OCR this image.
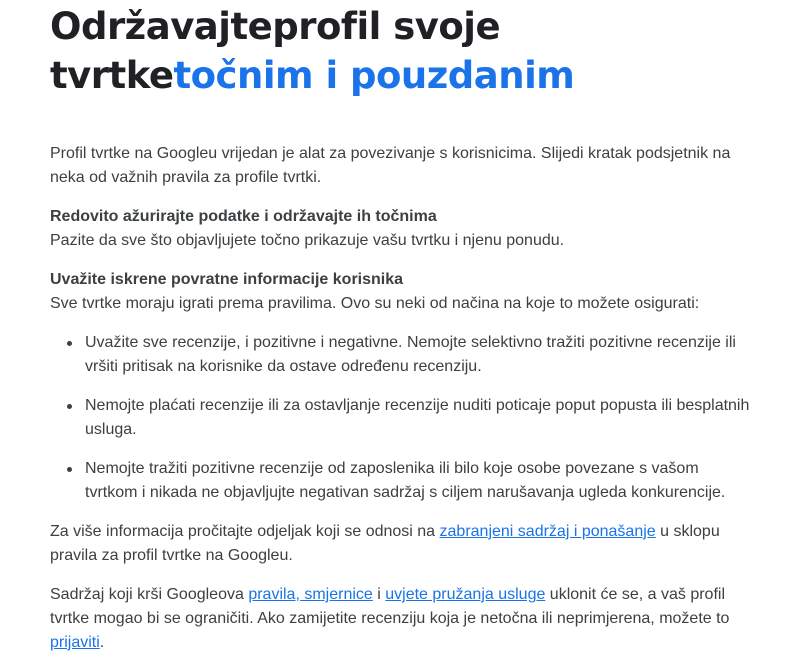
Održavajteprofil svoje tvrtketočnim i pouzdanim

Profil tvrtke na Googleu vrijedan je alat za povezivanje s korisnicima. Slijedi kratak podsjetnik na neka od važnih pravila za profile tvrtki.

Redovito ažurirajte podatke i održavajte ih točnima
Pazite da sve što objavljujete točno prikazuje vašu tvrtku i njenu ponudu.

Uvažite iskrene povratne informacije korisnika
Sve tvrtke moraju igrati prema pravilima. Ovo su neki od načina na koje to možete osigurati:

Uvažite sve recenzije, i pozitivne i negativne. Nemojte selektivno tražiti pozitivne recenzije ili vršiti pritisak na korisnike da ostave određenu recenziju.
Nemojte plaćati recenzije ili za ostavljanje recenzije nuditi poticaje poput popusta ili besplatnih usluga.
Nemojte tražiti pozitivne recenzije od zaposlenika ili bilo koje osobe povezane s vašom tvrtkom i nikada ne objavljujte negativan sadržaj s ciljem narušavanja ugleda konkurencije.

Za više informacija pročitajte odjeljak koji se odnosi na zabranjeni sadržaj i ponašanje u sklopu pravila za profil tvrtke na Googleu.

Sadržaj koji krši Googleova pravila, smjernice i uvjete pružanja usluge uklonit će se, a vaš profil tvrtke mogao bi se ograničiti. Ako zamijetite recenziju koja je netočna ili neprimjerena, možete to prijaviti.
